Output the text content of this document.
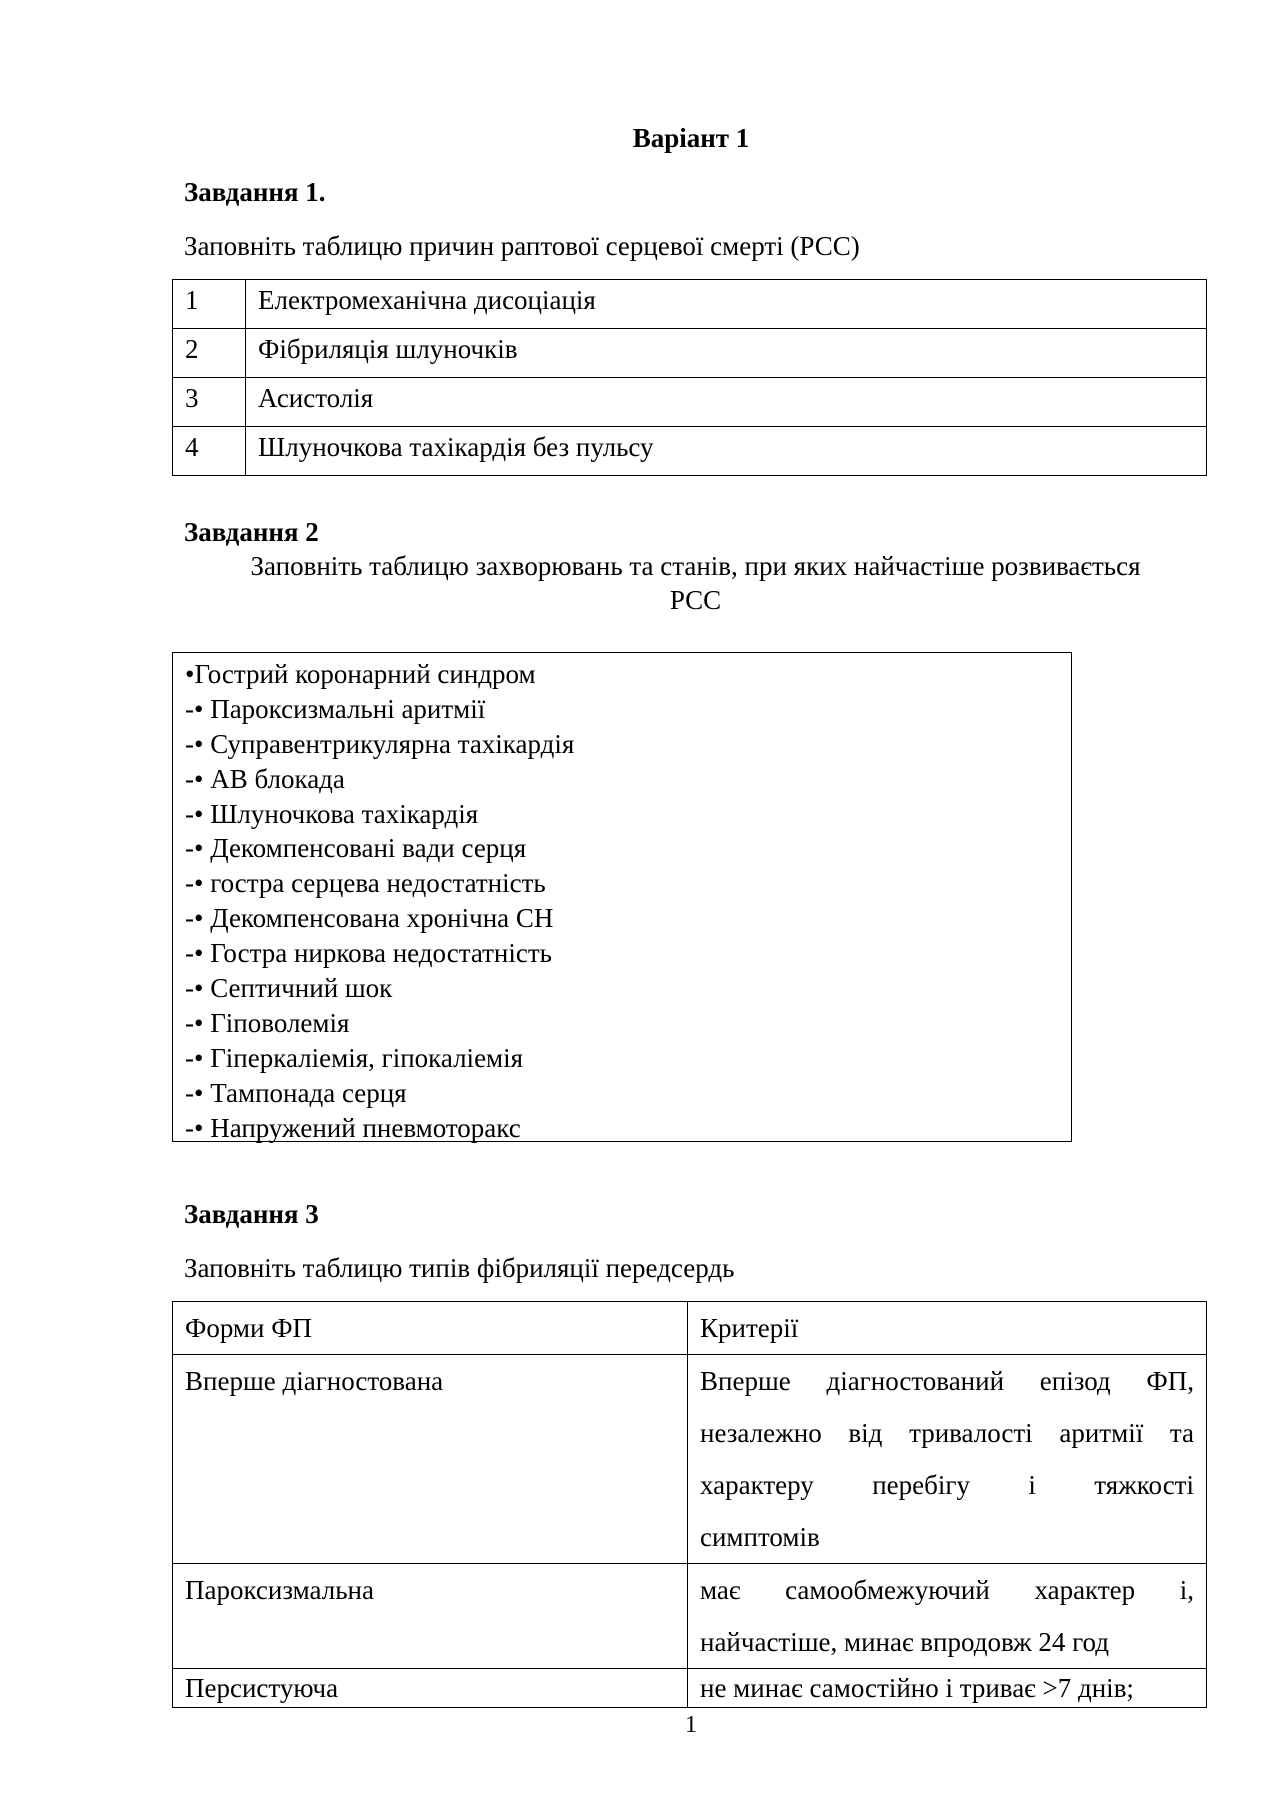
Варіант 1
Завдання 1.
Заповніть таблицю причин раптової серцевої смерті (РСС)
1	Електромеханічна дисоціація
2	Фібриляція шлуночків
3	Асистолія
4	Шлуночкова тахікардія без пульсу
Завдання 2
Заповніть таблицю захворювань та станів, при яких найчастіше розвивається
РСС
•Гострий коронарний синдром
-• Пароксизмальні аритмії
-• Суправентрикулярна тахікардія
-• АВ блокада
-• Шлуночкова тахікардія
-• Декомпенсовані вади серця
-• гостра серцева недостатність
-• Декомпенсована хронічна СН
-• Гостра ниркова недостатність
-• Септичний шок
-• Гіповолемія
-• Гіперкаліемія, гіпокаліемія
-• Тампонада серця
-• Напружений пневмоторакс
Завдання 3
Заповніть таблицю типів фібриляції передсердь
Форми ФП	Критерії
Вперше діагностована	Вперше діагностований епізод ФП,
незалежно від тривалості аритмії та
характеру перебігу і тяжкості
симптомів

Пароксизмальна	має самообмежуючий характер і,
найчастіше, минає впродовж 24 год

Персистуюча	не минає самостійно і триває >7 днів;
1
